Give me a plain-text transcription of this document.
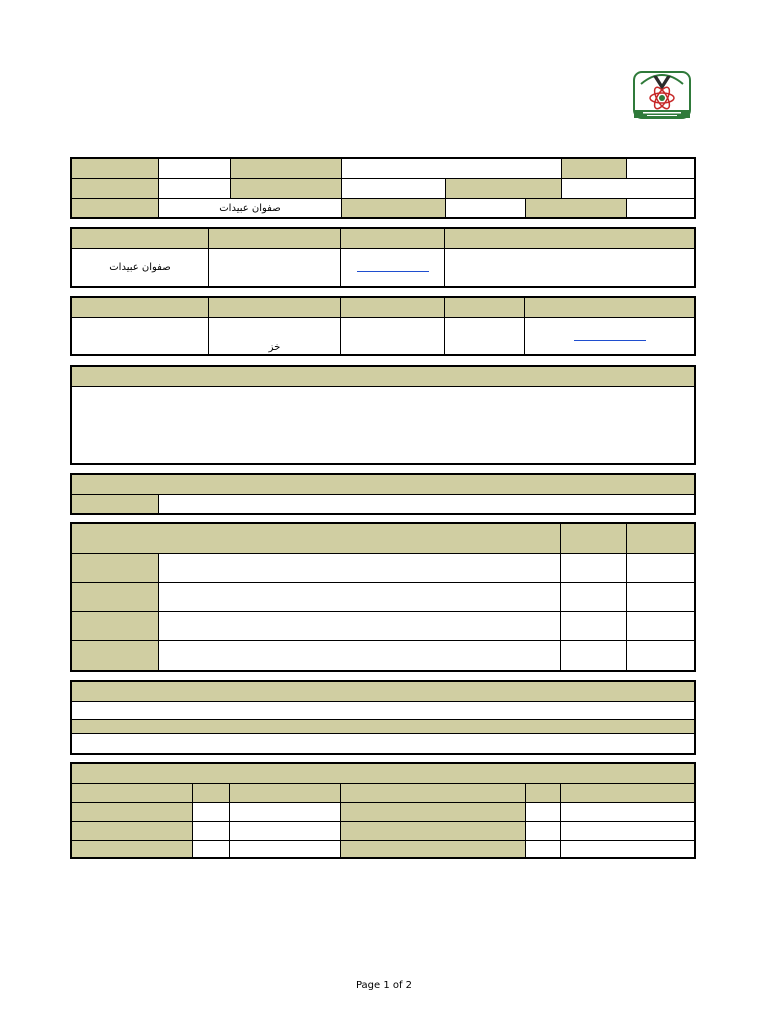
صفوان عبيدات
صفوان عبيدات
خز
Page 1 of 2
